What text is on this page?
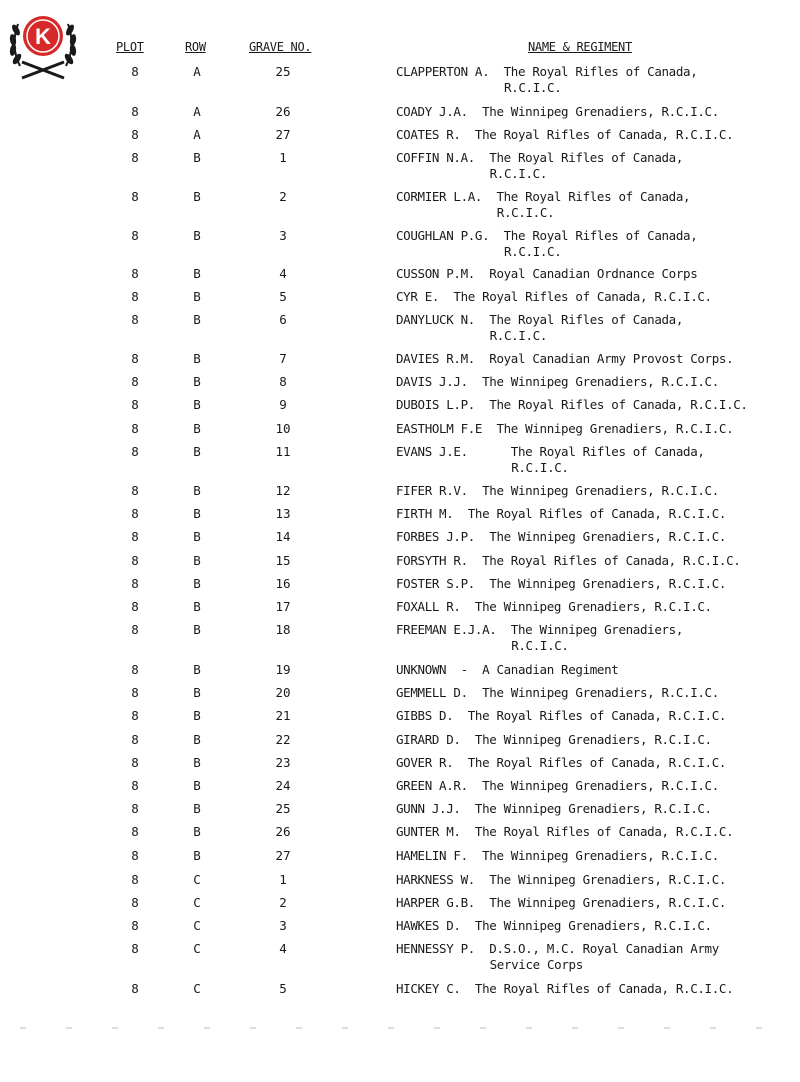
K	PLOT	ROW	GRAVE NO.	NAME & REGIMENT
8	A	25	CLAPPERTON A.  The Royal Rifles of Canada,
R.C.I.C.
8	A	26	COADY J.A.  The Winnipeg Grenadiers, R.C.I.C.
8	A	27	COATES R.  The Royal Rifles of Canada, R.C.I.C.
8	B	1	COFFIN N.A.  The Royal Rifles of Canada,
R.C.I.C.
8	B	2	CORMIER L.A.  The Royal Rifles of Canada,
R.C.I.C.
8	B	3	COUGHLAN P.G.  The Royal Rifles of Canada,
R.C.I.C.
8	B	4	CUSSON P.M.  Royal Canadian Ordnance Corps
8	B	5	CYR E.  The Royal Rifles of Canada, R.C.I.C.
8	B	6	DANYLUCK N.  The Royal Rifles of Canada,
R.C.I.C.
8	B	7	DAVIES R.M.  Royal Canadian Army Provost Corps.
8	B	8	DAVIS J.J.  The Winnipeg Grenadiers, R.C.I.C.
8	B	9	DUBOIS L.P.  The Royal Rifles of Canada, R.C.I.C.
8	B	10	EASTHOLM F.E  The Winnipeg Grenadiers, R.C.I.C.
8	B	11	EVANS J.E.      The Royal Rifles of Canada,
R.C.I.C.
8	B	12	FIFER R.V.  The Winnipeg Grenadiers, R.C.I.C.
8	B	13	FIRTH M.  The Royal Rifles of Canada, R.C.I.C.
8	B	14	FORBES J.P.  The Winnipeg Grenadiers, R.C.I.C.
8	B	15	FORSYTH R.  The Royal Rifles of Canada, R.C.I.C.
8	B	16	FOSTER S.P.  The Winnipeg Grenadiers, R.C.I.C.
8	B	17	FOXALL R.  The Winnipeg Grenadiers, R.C.I.C.
8	B	18	FREEMAN E.J.A.  The Winnipeg Grenadiers,
R.C.I.C.
8	B	19	UNKNOWN  -  A Canadian Regiment
8	B	20	GEMMELL D.  The Winnipeg Grenadiers, R.C.I.C.
8	B	21	GIBBS D.  The Royal Rifles of Canada, R.C.I.C.
8	B	22	GIRARD D.  The Winnipeg Grenadiers, R.C.I.C.
8	B	23	GOVER R.  The Royal Rifles of Canada, R.C.I.C.
8	B	24	GREEN A.R.  The Winnipeg Grenadiers, R.C.I.C.
8	B	25	GUNN J.J.  The Winnipeg Grenadiers, R.C.I.C.
8	B	26	GUNTER M.  The Royal Rifles of Canada, R.C.I.C.
8	B	27	HAMELIN F.  The Winnipeg Grenadiers, R.C.I.C.
8	C	1	HARKNESS W.  The Winnipeg Grenadiers, R.C.I.C.
8	C	2	HARPER G.B.  The Winnipeg Grenadiers, R.C.I.C.
8	C	3	HAWKES D.  The Winnipeg Grenadiers, R.C.I.C.
8	C	4	HENNESSY P.  D.S.O., M.C. Royal Canadian Army
Service Corps
8	C	5	HICKEY C.  The Royal Rifles of Canada, R.C.I.C.
